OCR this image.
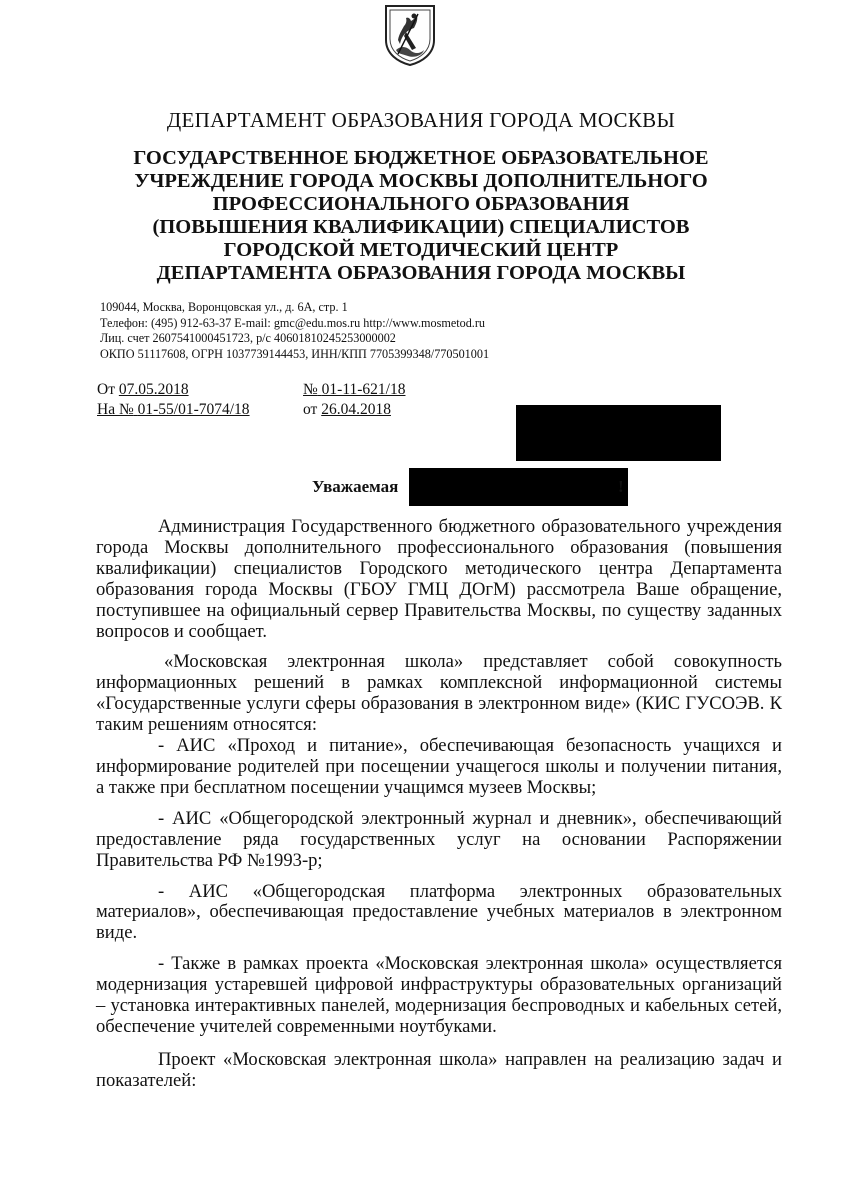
ДЕПАРТАМЕНТ ОБРАЗОВАНИЯ ГОРОДА МОСКВЫ
ГОСУДАРСТВЕННОЕ БЮДЖЕТНОЕ ОБРАЗОВАТЕЛЬНОЕ
УЧРЕЖДЕНИЕ ГОРОДА МОСКВЫ ДОПОЛНИТЕЛЬНОГО
ПРОФЕССИОНАЛЬНОГО ОБРАЗОВАНИЯ
(ПОВЫШЕНИЯ КВАЛИФИКАЦИИ) СПЕЦИАЛИСТОВ
ГОРОДСКОЙ МЕТОДИЧЕСКИЙ ЦЕНТР
ДЕПАРТАМЕНТА ОБРАЗОВАНИЯ ГОРОДА МОСКВЫ
109044, Москва, Воронцовская ул., д. 6А, стр. 1
Телефон: (495) 912-63-37 E-mail: gmc@edu.mos.ru http://www.mosmetod.ru
Лиц. счет 2607541000451723, р/с 40601810245253000002
ОКПО 51117608, ОГРН 1037739144453, ИНН/КПП 7705399348/770501001
От 07.05.2018
На № 01-55/01-7074/18
№ 01-11-621/18
от 26.04.2018
Уважаемая	!

Администрация Государственного бюджетного образовательного учреждения города Москвы дополнительного профессионального образования (повышения квалификации) специалистов Городского методического центра Департамента образования города Москвы (ГБОУ ГМЦ ДОгМ) рассмотрела Ваше обращение, поступившее на официальный сервер Правительства Москвы, по существу заданных вопросов и сообщает.

«Московская электронная школа» представляет собой совокупность информационных решений в рамках комплексной информационной системы «Государственные услуги сферы образования в электронном виде» (КИС ГУСОЭВ. К таким решениям относятся:

- АИС «Проход и питание», обеспечивающая безопасность учащихся и информирование родителей при посещении учащегося школы и получении питания, а также при бесплатном посещении учащимся музеев Москвы;

- АИС «Общегородской электронный журнал и дневник», обеспечивающий предоставление ряда государственных услуг на основании Распоряжении Правительства РФ №1993-р;

- АИС «Общегородская платформа электронных образовательных материалов», обеспечивающая предоставление учебных материалов в электронном виде.

- Также в рамках проекта «Московская электронная школа» осуществляется модернизация устаревшей цифровой инфраструктуры образовательных организаций – установка интерактивных панелей, модернизация беспроводных и кабельных сетей, обеспечение учителей современными ноутбуками.

Проект «Московская электронная школа» направлен на реализацию задач и показателей:
